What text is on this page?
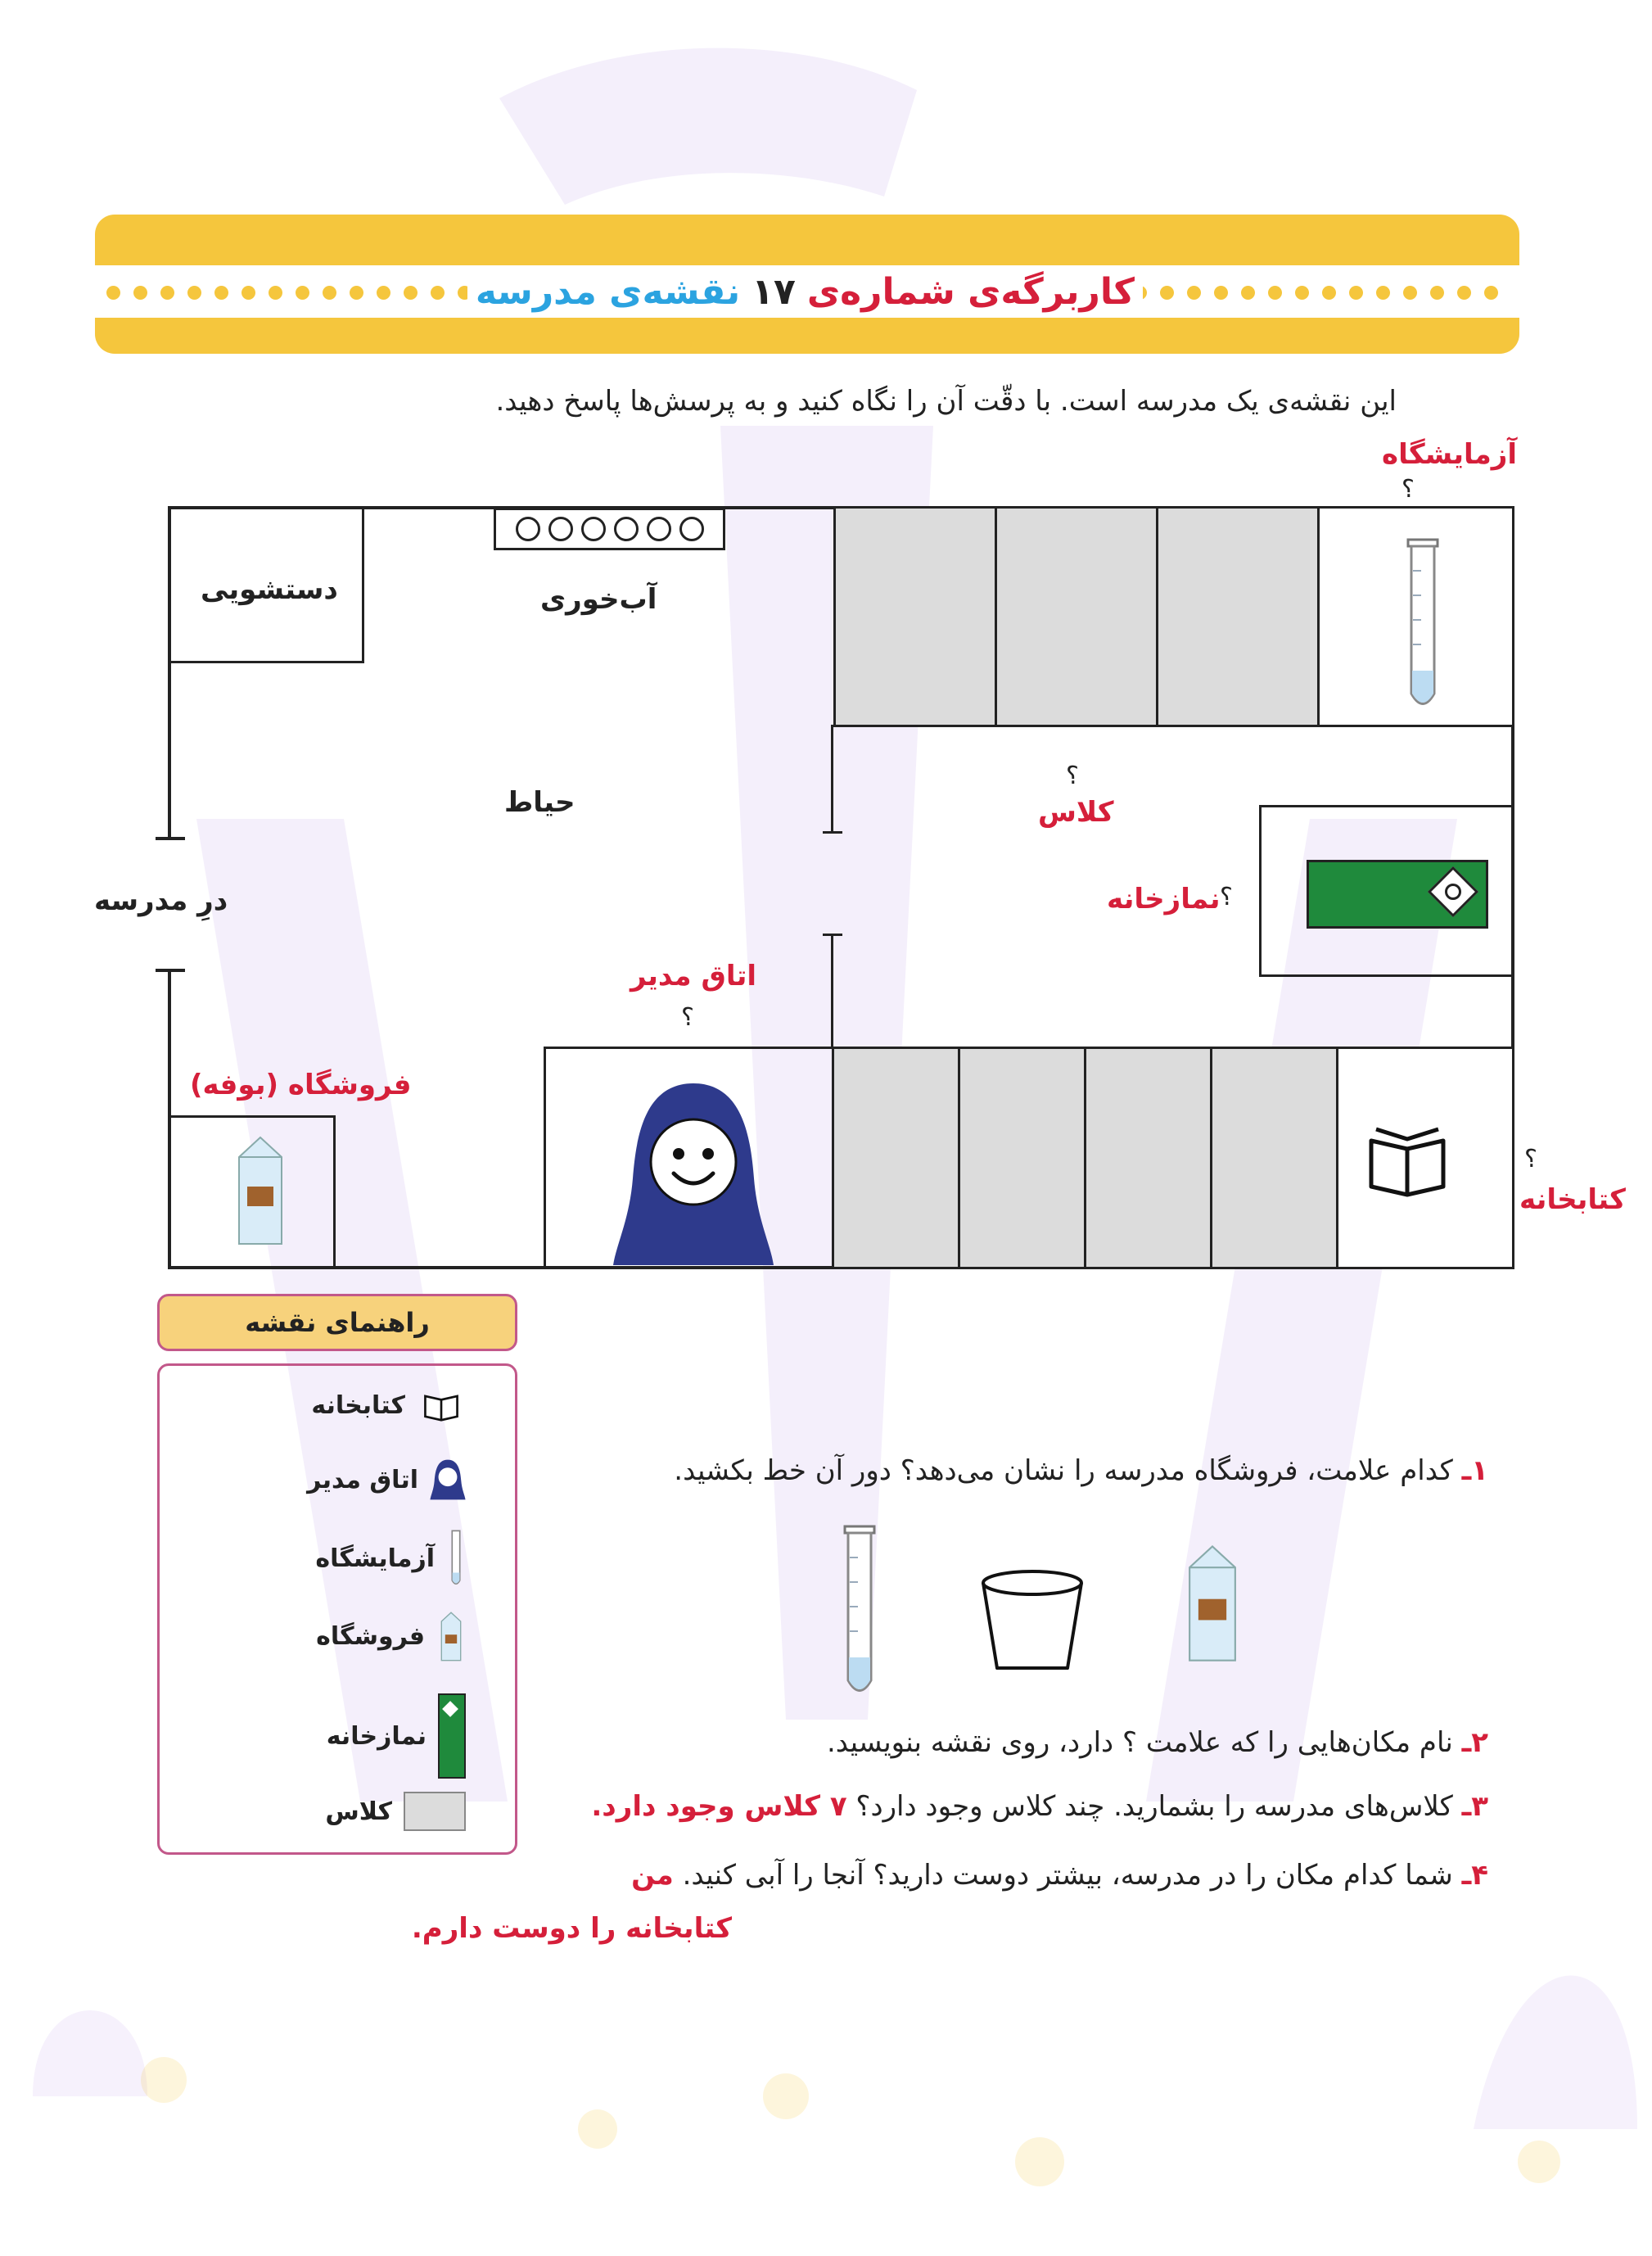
کاربرگه‌ی شماره‌ی
۱۷
نقشه‌ی مدرسه
این نقشه‌ی یک مدرسه است. با دقّت آن را نگاه کنید و به پرسش‌ها پاسخ دهید.
دستشویی	آب‌خوری
حیاط
درِ مدرسه
آزمایشگاه
؟
؟
کلاس
نمازخانه ؟
اتاق مدیر
؟
؟
کتابخانه
فروشگاه (بوفه)
راهنمای نقشه
کتابخانه
اتاق مدیر
آزمایشگاه
فروشگاه
نمازخانه
کلاس
۱ـ کدام علامت، فروشگاه مدرسه را نشان می‌دهد؟ دور آن خط بکشید.
۲ـ نام مکان‌هایی را که علامت ؟ دارد، روی نقشه بنویسید.
۳ـ کلاس‌های مدرسه را بشمارید. چند کلاس وجود دارد؟ ۷ کلاس وجود دارد.
۴ـ شما کدام مکان را در مدرسه، بیشتر دوست دارید؟ آنجا را آبی کنید. من
کتابخانه را دوست دارم.
